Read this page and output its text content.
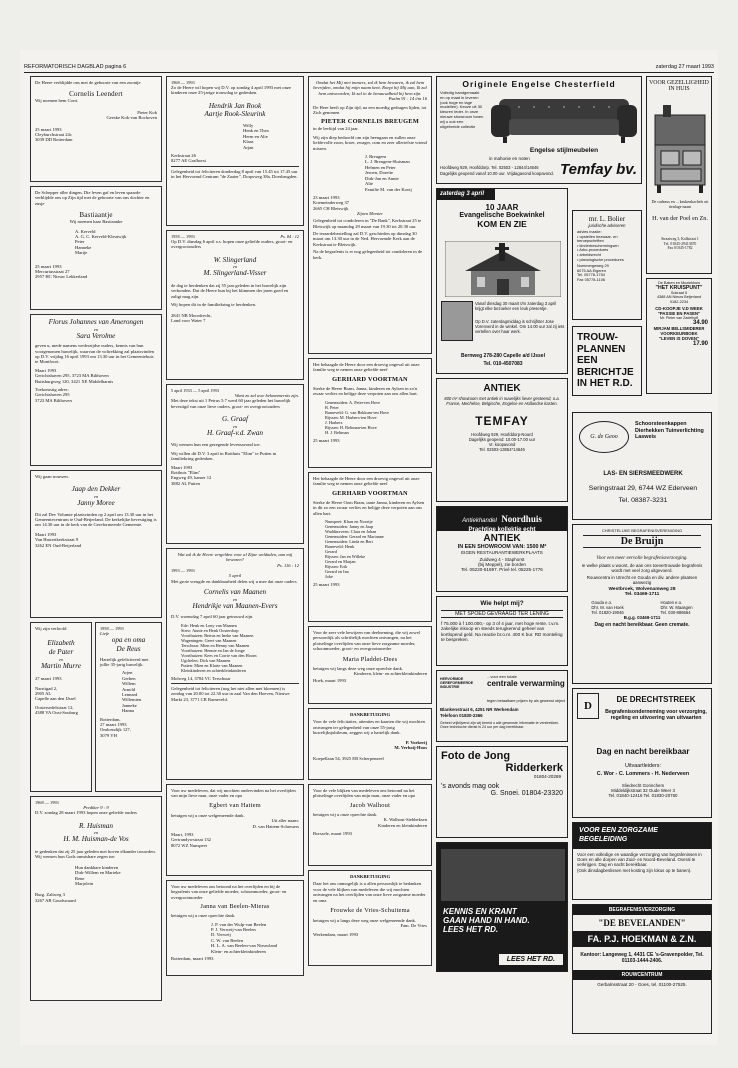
REFORMATORISCH DAGBLAD pagina 6	zaterdag 27 maart 1993
De Heere verblijdde ons met de geboorte van een zoontje
Cornelis Leendert
Wij noemen hem Corri.
Pieter Kok
Geeske Kok-van Bochoven
25 maart 1993
Cleyburchstraat 24c
3039 DD Rotterdam
De Schepper aller dingen, Die leven gaf en leven spaarde verblijdde ons op Zijn tijd met de geboorte van ons dochter en zusje
Bastiaantje
Wij noemen haar Bastiaanke
A. Kerveld
A. G. C. Kerveld-Kleutwijk
Peter
Hanneke
Marije
25 maart 1993
Mercuriusstraat 27
2957 HC Nieuw Lekkerland
Florus Johannes van Amerongen
en
Sara Verolme
geven u, mede namens wederzijdse ouders, kennis van hun voorgenomen huwelijk, waarvan de voltrekking zal plaatsvinden op D.V. vrijdag 16 april 1993 om 13.30 uur in het Gemeentehuis te Montfoort.
Maart 1993
Gerichtshaven 295, 3723 MA Bilthoven
Buttsburgweg 120, 3421 XE Middelharnis
Toekomstig adres:
Gerichtshaven 295
3723 MA Bilthoven
Wij gaan trouwen.
Jaap den Dekker
en
Janny Moree
Dit zal Dev Volumte plaatsvinden op 2 april om 13.30 uur in het Gemeentecentrum te Oud-Beijerland. De kerkelijke bevestiging is om 14.30 uur in de kerk van de Gereformeerde Gemeente.
Maart 1993
Van Hastertkerkstraat 9
3262 EN Oud-Beijerland
Wij zijn verloofd
Elizabeth
de Pater
en
Martin Murre
27 maart 1993
Narrtigad 2,
2905 AL
Capelle aan den IJssel
Oostersedelstraat 12,
4388 VA Oost-Souburg
1958 — 1993
Liefe
opa en oma
De Reus
Hartelijk gefeliciteerd met jullie 35-jarig huwelijk.
Arjen
Gerben
Willem
Arnold
Lennard
Willemien
Janneke
Hanna
Rotterdam,
27 maart 1993
Omlcendijk 127,
3079 VH
1968 — 1993
Prediker 9 : 9
D.V. zondag 28 maart 1993 hopen onze geliefde ouders
R. Huisman
en
H. M. Huisman-de Vos
te gedenken dat zij 25 jaar geleden met hoven elkander trouwden. Wij wensen hun Gods onmisbare zegen toe.
Hun dankbare kinderen
Dirk-Willem en Marieke
Rene
Marjolein
Burg. Zaltweg 3
3267 AB Goudswaard
1968 — 1993
Zo de Heere wil hopen wij D.V. op zondag 4 april 1993 met onze kinderen onze 25-jarige trouwdag te gedenken.
Hendrik Jan Rook
Aartje Rook-Sleurink
Willy
Henk en Thea
Herm en Alie
Klaas
Arjan
Kerkstraat 26
8277 AE Grafhorst
Gelegenheid tot feliciteren donderdag 8 april van 15.45 tot 17.45 uur in het Hervormd Centrum "de Zaaier", Dorpsweg 38a, Doesbrugden.
1958 — 1993	Ps. 84 : 12
Op D.V. dinsdag 6 april a.s. hopen onze geliefde ouders, groot- en overgrootouders
W. Slingerland
en
M. Slingerland-Visser
de dag te herdenken dat zij 55 jaar geleden in het huwelijk zijn verbonden. Dat de Heere hun bij het klimmen der jaren goed en zaligt mag zijn.
Wij hopen dit in de familiekring te herdenken.
2841 NB Moordrecht,
Land voor Water 7
5 april 1933 — 5 april 1993
Want zo zal uwe bekommernis zijn.
Met deze tekst uit 1 Petrus 5:7 werd 60 jaar geleden het huwelijk bevestigd van onze lieve ouders, groot- en overgrootouders
G. Graaf
en
H. Graaf-v.d. Zwan
Wij wensen hun een gezegende levensavond toe.
Wij willen dit D.V. 3 april in Rotthuis "Elim" te Putten in familiekring gedenken.
Maart 1993
Rotthuis "Elim"
Engweg 49, kamer 12
3882 AL Putten
Wat zal ik de Heere vergelden voor al Zijne weldaden, aan mij bewezen?
Ps. 116 : 12
1993 — 1993
5 april
Met grote vreugde en dankbaarheid delen wij u mee dat onze ouders
Cornelis van Maanen
en
Hendrikje van Maanen-Evers
D.V. woensdag 7 april 60 jaar getrouwd zijn.
Ede: Henk en Lony van Maanen
Streo: Annie en Henk Oosterdorp
Voorthuizen: Bertus en Ineke van Maanen
Wageningen: Geert van Maanen
Terschuur: Mien en Henny van Maanen
Voorthuizen: Hennie en Jan de Jonge
Voorthuizen: Kees en Corrie van den Hoorn
Ugchelen: Dick van Maanen
Putten: Mien en Klarie van Maanen
Kleinkinderen en achterkleinkinderen
Molweg 14, 3784 VC Terschuur
Gelegenheid tot feliciteren (nog het niet allen met bloemen) is zondag van 20.00 tot 22.30 uur in zaal Van den Hoeven, Nieuwe Markt 23, 3771 CB Barneveld.
Voor uw medeleven, dat wij mochten ondervinden na het overlijden van mijn lieve man, onze vader en opa
Egbert van Hattem
betuigen wij u onze welgemeende dank.
Uit aller naam:
D. van Hattem-Schreuers
Maart, 1993
Gertrandywstraat 132
8072 WZ Nunspeet
Voor uw medeleven ons betoond na het overlijden en bij de begrafenis van onze geliefde moeder, schoonmoeder, groot- en overgrootmoeder
Janna van Beelen-Mieras
betuigen wij u onze oprechte dank.
J. P. van der Wulp-van Beelen
P. J. Verweij-van Beelen
D. Verweij
C. W. van Beelen
H. L. A. van Beelen-van Nieuwland
Klein- en achterkleinkinderen
Rotterdam, maart 1993
Omdat het Mij niet immers, zal ik hem bewaren, ik zal hem bevrijden, omdat hij mijn naam kent. Roept hij Mij aan, Ik zal hem antwoorden; Ik zal in de benauwdheid bij hem zijn.
Psalm 91 : 14 t/m 16
De Here heeft op Zijn tijd, na een moedig gedragen lijden, tot Zich genomen
PIETER CORNELIS BREUGEM
in de leeftijd van 24 jaar.
Wij zijn diep bedroefd om zijn heengaan en zullen onze liefdevolle zoon, broer, zwager, oom en zeer alleriefste vriend missen.
J. Breugem
L. J. Breugem-Sluisman
Helmen en Peter
Jeroen, Dorette
Dirk-Jan en Annie
Alie
Familie M. van der Kooij
23 maart 1993
Koemeinderweg 37
2665 CH Bleiswijk
Zijnen Meester
Gelegenheid tot condoleren in "De Bank", Kerkstraat 25 te Bleiswijk op maandag 29 maart van 19.30 tot 20.30 uur.
De teraardebestelling zal D.V. geschieden op dinsdag 30 maart om 13.30 uur in de Ned. Hervormde Kerk aan de Kerkstraat te Bleiswijk.
Na de begrafenis is er nog gelegenheid tot condoleren in de kerk.
Het behaagde de Heere door een droevig ongeval uit onze familie weg te nemen onze geliefde neef
GERHARD VOORTMAN
Sterke de Heere Bram, Janna, kinderen en Aylsen in zo'n zwaar verlies en belijge deze verpoten aan ons allen hart.
Genemuiden: A. Peter-ten Hove
B. Peter
Barneveld: G. van Bekkum-ten Hove
Rijssen: M. Harbers-ten Hove
J. Harbers
Rijssen: H. Beltman-ten Hove
H. J. Beltman
25 maart 1993
Het behaagde de Heere door een droevig ongeval uit onze familie weg te nemen onze geliefde neef
GERHARD VOORTMAN
Sterke de Heere Oom Bram, tante Janna, kinderen en Aylsen in dit zo een zwaar verlies en belijge deze verpoten aan ons allen hart.
Nunspeet: Klaas en Noortje
Genemuiden: Janny en Jaap
Waddinxveen: Clara en Johan
Genemuiden: Gerard en Marianne
Genemuiden: Linda en Bert
Barneveld: Henk
Gerard
Rijssen: Jan en Willeke
Gerard en Marjan
Rijssen: Erik
Gerard en Ina
Joke
25 maart 1993
Voor de zeer vele bewijzen van deelneming, die wij zowel persoonlijk als schriftelijk mochten ontvangen, na het plotselinge overlijden van onze lieve zorgzame moeder, schoonmoeder, groot- en overgrootmoeder
Maria Pladdet-Dees
betuigen wij langs deze weg onze oprechte dank.
Kinderen, klein- en achterkleinkinderen
Hoek, maart 1993
DANKBETUIGING
Voor de vele felicitaties, attenties en kaarten die wij mochten ontvangen ter gelegenheid van onze 55-jarig huwelijksjubileum, zeggen wij u hartelijk dank.
P. Vorkerij
M. Verhoij-Hoos
Koepellaan 54, 3925 EB Scherpenzeel
Voor de vele blijken van medeleven ons betoond na het plotselinge overlijden van mijn man, onze vader en opa
Jacob Walhout
betuigen wij u onze oprechte dank.
K. Walhout-Siebbeksen
Kinderen en kleinkinderen
Borssele, maart 1993
DANKBETUIGING
Daar het ons onmogelijk is u allen persoonlijk te bedanken voor de vele blijken van medeleven die wij mochten ontvangen na het overlijden van onze lieve zorgzame moeder en oma
Frouwke de Vries-Schuitema
betuigen wij u langs deze weg onze welgemeende dank.
Fam. De Vries
Werkendam, maart 1993
Originele Engelse Chesterfield
Volledig handgemaakt en op maat in leveren (ook hoge en lage modellen). Keuze uit 30 kleuren leder. In onze nieuwe showroom tonen wij u ook een uitgebreide collectie
Engelse stijlmeubelen
in mahonie en noten
Hoofdweg 929, Hoofddorp. Tel. 02503 - 12844/14646
Dagelijks geopend vanaf 10.00 uur. Vrijdagavond koopavond. Temfay bv.
VOOR GEZELLIGHEID IN HUIS
De cadeaus en ... keukenkachels uit tienlage naam
H. van der Poel en Zn.
Straatweg 3, Kallstraat 1
Tel. 01045-29413670
Fax 01045-1782
zaterdag 3 april
10 JAAR
Evangelische Boekwinkel
KOM EN ZIE
Vanaf dinsdag 30 maart t/m zaterdag 3 april krijgt elke bezoeker een leuk presentje.
Op D.V. zaterdagmiddag is schrijfster Jose Vorenverd in de winkel. Om 14.00 uur zal zij iets vertellen over haar werk.
Bernweg 278-280 Capelle a/d IJssel
Tel. 010-4507083
mr. L. Bolier
juridische adviseren
advies inzake:
• opstellen bezwaar- en beroepschriften
• kinderbeschermingsen
• Arbo-procedures
• arbeidsrecht
• planologische procedures
Nummergeweg 29
6075 AA Eigeren
Tel. 05778-1754
Fax 05778-1106
De Baken en Muziekhuis
"HET KRUISPUNT"
Sokraat 5
4388 AN Nieuw Beijerland
0182-2234
CD-KOOPJE V.D WEEK
"PASSIE EN PASEN"
Mr. Pieter van Zadelhoff
34.90
MIRJAM BELLSMIDERER
VOORKEURBOEK
"LEVEN IS DOVEN"
17.90
TROUW-
PLANNEN
EEN
BERICHTJE
IN HET R.D.
ANTIEK
800 m² showroom met antiek in nuwelijks liever gesteend, o.a. Franse, Mechelse, Belgische, Engelse en Hollandse kasten.
TEMFAY
Hoofdweg 929, Hoofddorp-Nourd
Dagelijks geopend: 10.00-17.00 uur
Vr. koopavond
Tel. 02503-13854*14646
G. de Geoo
Schoorsteenkappen Dierhekken Tuinverlichting Lasweis
LAS- EN SIERSMEEDWERK
Seringstraat 29, 6744 WZ Ederveen
Tel. 08387-3231
Antiekhandel Noordhuis
Prachtige kollektie echt
ANTIEK
IN EEN SHOWROOM VAN: 1500 M²
EIGEN RESTAURANTIEWERKPLAATS
Zuidweg 4 - Staphorst
(bij Meppel), zie borden
Tel. 05220-51697. Privé tel. 05225-1776
CHRISTELIJKE BEGRAFENISVERENIGING
De Bruijn
Voor een meer eervolle begrafenisverzorging.
Ie welke plaats u woont, de aan ons toevertrouwde begrafenis wordt met veel zorg uitgevoerd.
Rouwcentra in Utrecht en Gouda en div. andere plaatsen aanwezig
Westbroek, Wolvenamweg 28
Tel. 03469-1711
Gouda e.o.
Dhr. M. van Hoek
Tel. 01820-19046
Houten e.o.
Dhr. W. Maasgen
Tel. 030-886664
B.g.g. 03469-1711
Dag en nacht bereikbaar. Geen cremate.
Wie helpt mij?
MET SPOED GEVRAAGD TER LENING
f 75.000 à f 100.000,- op 3 of 4 jaar, met hoge rente. t.v.m. zakelijke inkoop en steeds terugkerend geheel van kortlopend geld. Na reactie br.o.nr. 400 K bur. RD monteling te bespreken.
HERVORMDE GEREFORMEERDE INDUSTRIE
...voor een totale
centrale verwarming
tegen betaalbare prijzen by als gewenst object
Blankenstraat 6, 4251 NR Werkendam
Telefoon 01830-2366
Geheel vrijblijvend zijn wij bereid u alle gewenste informatie te verstrekken.
Onze technische dienst is 24 uur per dag bereikbaar.
D
DE DRECHTSTREEK
Begrafenisonderneming voor verzorging, regeling en uitvoering van uitvaarten
Dag en nacht bereikbaar
Uitvaartleiders:
C. Wor - C. Lommers - H. Nederveen
Sliedrecht Gorinchem
Middeldijkstraat 32 Oude Weer 3
Tel. 01840-12416 Tel. 01830-20760
Foto de Jong
Ridderkerk
01804-20289
's avonds mag ook
G. Snoei. 01804-23320
VOOR EEN ZORGZAME BEGELEIDING
Voor een volledige en waardige verzorging van begrafenissen in Goes en alle dorpen van Zuid- en Noord-Beveland. Overal te verkrijgen. Dag en nacht bereikbaar.
(Ook dinsdagbeslissen met kosting zijn lokus op te banen).
KENNIS EN KRANT
GAAN HAND IN HAND.
LEES HET RD.
LEES HET RD.
BEGRAFENISVERZORGING
"DE BEVELANDEN"
FA. P.J. HOEKMAN & Z.N.
Kantoor: Langeweg 1, 4431 CE 's-Gravenpolder, Tel. 01103-1444-2406.
ROUWCENTRUM
Gerbalnsstraat 20 - Goes, tel. 01100-27525.
